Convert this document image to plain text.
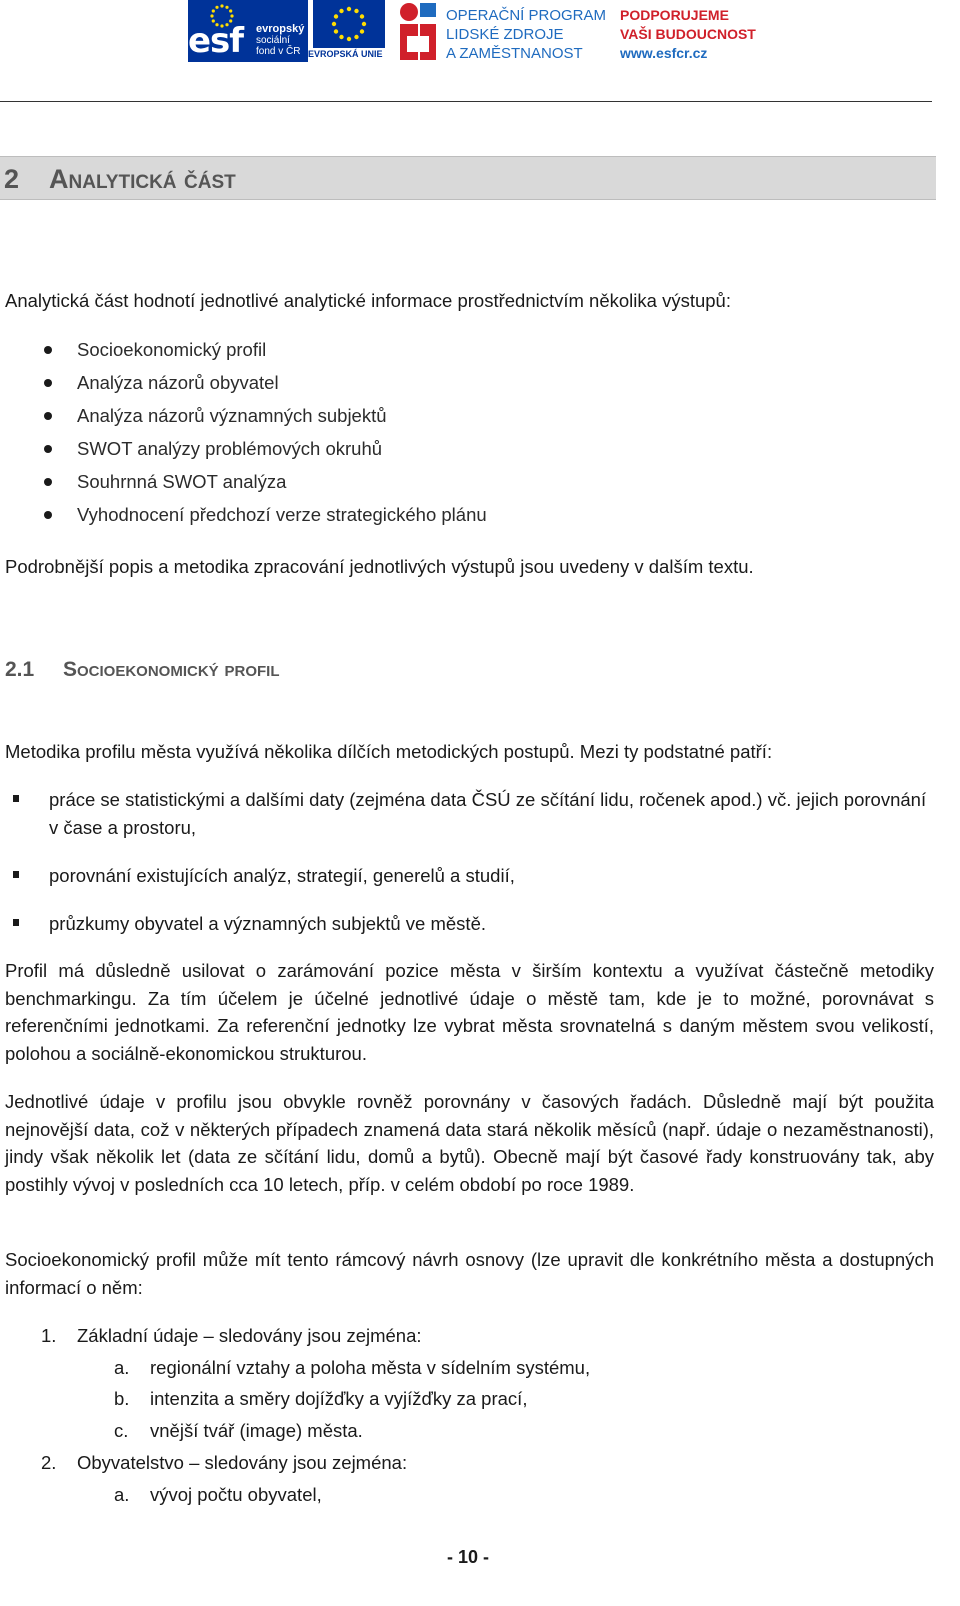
esf evropský
sociální
fond v ČR EVROPSKÁ UNIE
OPERAČNÍ PROGRAM
LIDSKÉ ZDROJE
A ZAMĚSTNANOST
PODPORUJEME
VAŠI BUDOUCNOST
www.esfcr.cz
2 Analytická část
Analytická část hodnotí jednotlivé analytické informace prostřednictvím několika výstupů:
Socioekonomický profil
Analýza názorů obyvatel
Analýza názorů významných subjektů
SWOT analýzy problémových okruhů
Souhrnná SWOT analýza
Vyhodnocení předchozí verze strategického plánu
Podrobnější popis a metodika zpracování jednotlivých výstupů jsou uvedeny v dalším textu.
2.1 Socioekonomický profil
Metodika profilu města využívá několika dílčích metodických postupů. Mezi ty podstatné patří:
práce se statistickými a dalšími daty (zejména data ČSÚ ze sčítání lidu, ročenek apod.) vč. jejich porovnání v čase a prostoru,
porovnání existujících analýz, strategií, generelů a studií,
průzkumy obyvatel a významných subjektů ve městě.
Profil má důsledně usilovat o zarámování pozice města v širším kontextu a využívat částečně metodiky benchmarkingu. Za tím účelem je účelné jednotlivé údaje o městě tam, kde je to možné, porovnávat s referenčními jednotkami. Za referenční jednotky lze vybrat města srovnatelná s daným městem svou velikostí, polohou a sociálně-ekonomickou strukturou.
Jednotlivé údaje v profilu jsou obvykle rovněž porovnány v časových řadách. Důsledně mají být použita nejnovější data, což v některých případech znamená data stará několik měsíců (např. údaje o nezaměstnanosti), jindy však několik let (data ze sčítání lidu, domů a bytů). Obecně mají být časové řady konstruovány tak, aby postihly vývoj v posledních cca 10 letech, příp. v celém období po roce 1989.
Socioekonomický profil může mít tento rámcový návrh osnovy (lze upravit dle konkrétního města a dostupných informací o něm:
1. Základní údaje – sledovány jsou zejména:
a. regionální vztahy a poloha města v sídelním systému,
b. intenzita a směry dojížďky a vyjížďky za prací,
c. vnější tvář (image) města.
2. Obyvatelstvo – sledovány jsou zejména:
a. vývoj počtu obyvatel,
- 10 -
